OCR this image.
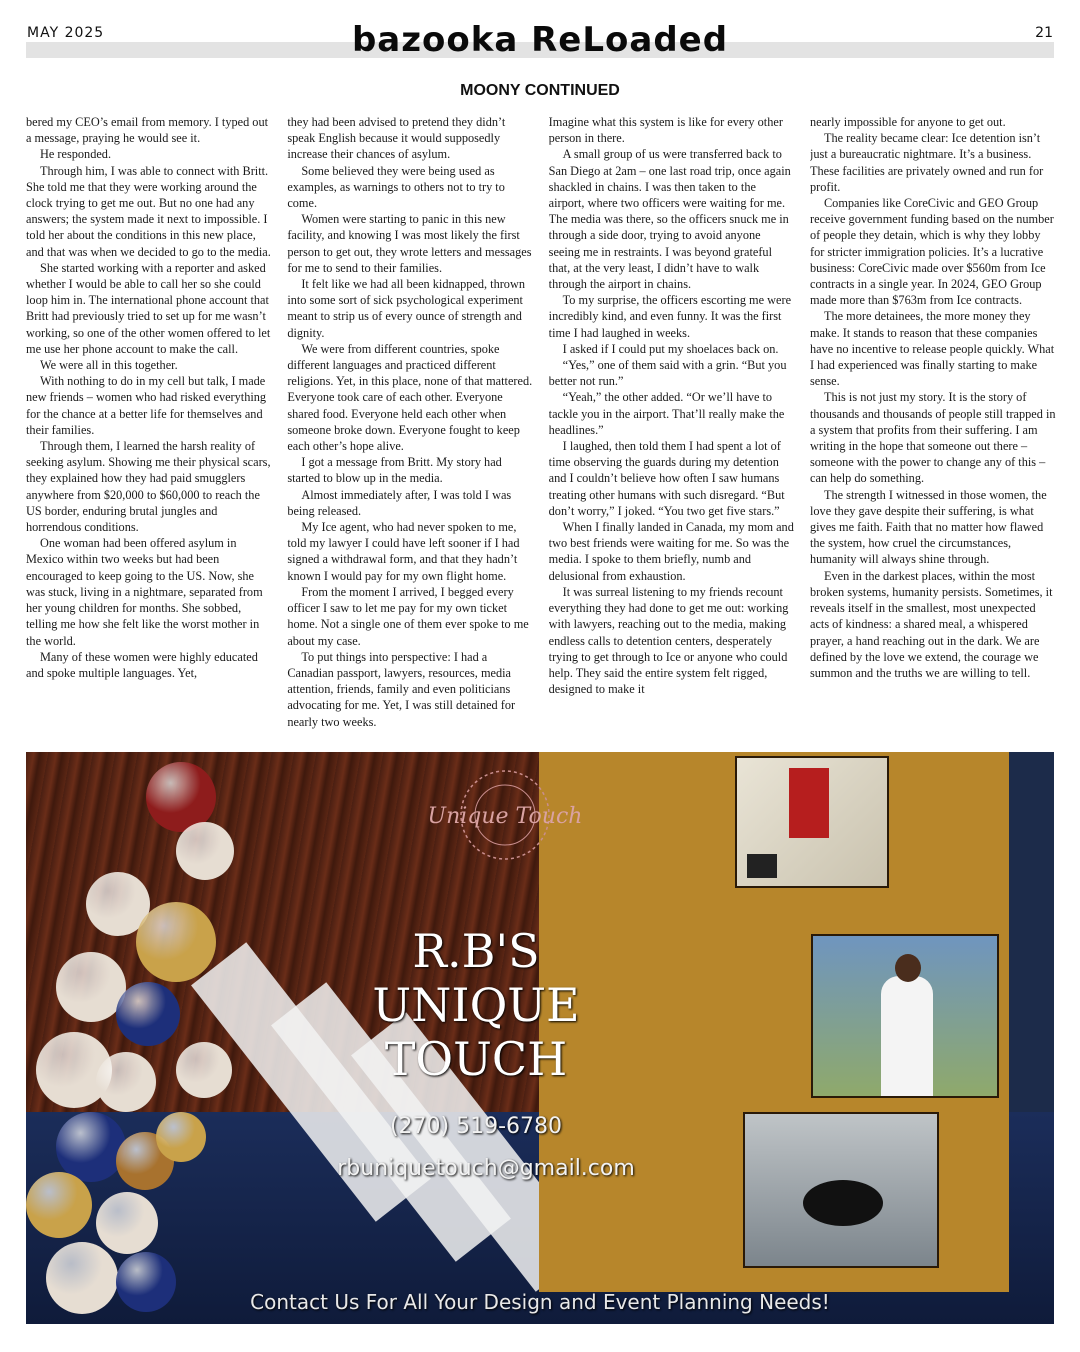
MAY 2025	bazooka ReLoaded	21
MOONY CONTINUED

bered my CEO’s email from memory. I typed out a message, praying he would see it.

He responded.

Through him, I was able to connect with Britt. She told me that they were working around the clock trying to get me out. But no one had any answers; the system made it next to impossible. I told her about the conditions in this new place, and that was when we decided to go to the media.

She started working with a reporter and asked whether I would be able to call her so she could loop him in. The international phone account that Britt had previously tried to set up for me wasn’t working, so one of the other women offered to let me use her phone account to make the call.

We were all in this together.

With nothing to do in my cell but talk, I made new friends – women who had risked everything for the chance at a better life for themselves and their families.

Through them, I learned the harsh reality of seeking asylum. Showing me their physical scars, they explained how they had paid smugglers anywhere from $20,000 to $60,000 to reach the US border, enduring brutal jungles and horrendous conditions.

One woman had been offered asylum in Mexico within two weeks but had been encouraged to keep going to the US. Now, she was stuck, living in a nightmare, separated from her young children for months. She sobbed, telling me how she felt like the worst mother in the world.

Many of these women were highly educated and spoke multiple languages. Yet,

they had been advised to pretend they didn’t speak English because it would supposedly increase their chances of asylum.

Some believed they were being used as examples, as warnings to others not to try to come.

Women were starting to panic in this new facility, and knowing I was most likely the first person to get out, they wrote letters and messages for me to send to their families.

It felt like we had all been kidnapped, thrown into some sort of sick psychological experiment meant to strip us of every ounce of strength and dignity.

We were from different countries, spoke different languages and practiced different religions. Yet, in this place, none of that mattered. Everyone took care of each other. Everyone shared food. Everyone held each other when someone broke down. Everyone fought to keep each other’s hope alive.

I got a message from Britt. My story had started to blow up in the media.

Almost immediately after, I was told I was being released.

My Ice agent, who had never spoken to me, told my lawyer I could have left sooner if I had signed a withdrawal form, and that they hadn’t known I would pay for my own flight home.

From the moment I arrived, I begged every officer I saw to let me pay for my own ticket home. Not a single one of them ever spoke to me about my case.

To put things into perspective: I had a Canadian passport, lawyers, resources, media attention, friends, family and even politicians advocating for me. Yet, I was still detained for nearly two weeks.

Imagine what this system is like for every other person in there.

A small group of us were transferred back to San Diego at 2am – one last road trip, once again shackled in chains. I was then taken to the airport, where two officers were waiting for me. The media was there, so the officers snuck me in through a side door, trying to avoid anyone seeing me in restraints. I was beyond grateful that, at the very least, I didn’t have to walk through the airport in chains.

To my surprise, the officers escorting me were incredibly kind, and even funny. It was the first time I had laughed in weeks.

I asked if I could put my shoelaces back on.

“Yes,” one of them said with a grin. “But you better not run.”

“Yeah,” the other added. “Or we’ll have to tackle you in the airport. That’ll really make the headlines.”

I laughed, then told them I had spent a lot of time observing the guards during my detention and I couldn’t believe how often I saw humans treating other humans with such disregard. “But don’t worry,” I joked. “You two get five stars.”

When I finally landed in Canada, my mom and two best friends were waiting for me. So was the media. I spoke to them briefly, numb and delusional from exhaustion.

It was surreal listening to my friends recount everything they had done to get me out: working with lawyers, reaching out to the media, making endless calls to detention centers, desperately trying to get through to Ice or anyone who could help. They said the entire system felt rigged, designed to make it

nearly impossible for anyone to get out.

The reality became clear: Ice detention isn’t just a bureaucratic nightmare. It’s a business. These facilities are privately owned and run for profit.

Companies like CoreCivic and GEO Group receive government funding based on the number of people they detain, which is why they lobby for stricter immigration policies. It’s a lucrative business: CoreCivic made over $560m from Ice contracts in a single year. In 2024, GEO Group made more than $763m from Ice contracts.

The more detainees, the more money they make. It stands to reason that these companies have no incentive to release people quickly. What I had experienced was finally starting to make sense.

This is not just my story. It is the story of thousands and thousands of people still trapped in a system that profits from their suffering. I am writing in the hope that someone out there – someone with the power to change any of this – can help do something.

The strength I witnessed in those women, the love they gave despite their suffering, is what gives me faith. Faith that no matter how flawed the system, how cruel the circumstances, humanity will always shine through.

Even in the darkest places, within the most broken systems, humanity persists. Sometimes, it reveals itself in the smallest, most unexpected acts of kindness: a shared meal, a whispered prayer, a hand reaching out in the dark. We are defined by the love we extend, the courage we summon and the truths we are willing to tell.

Unique Touch
R.B'S
UNIQUE
TOUCH
(270) 519-6780
rbuniquetouch@gmail.com
Contact Us For All Your Design and Event Planning Needs!
